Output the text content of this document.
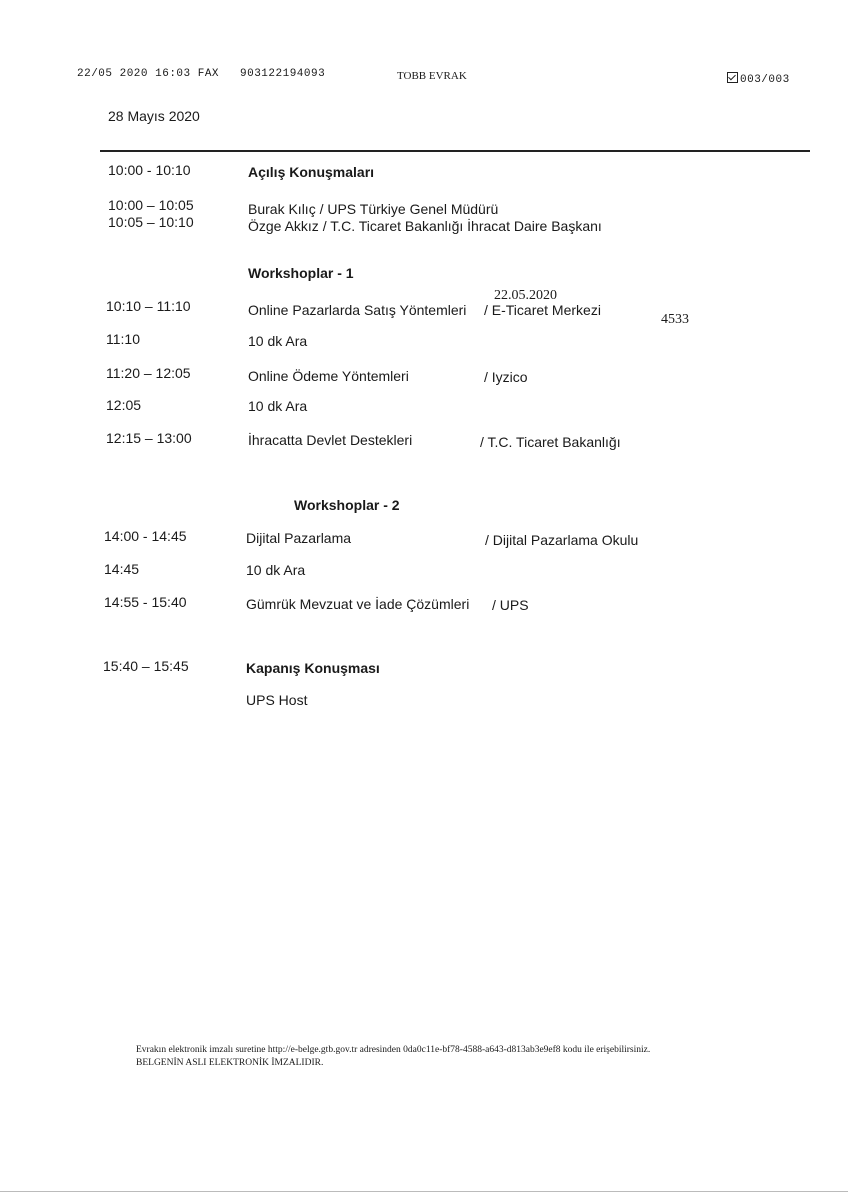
22/05 2020 16:03 FAX 903122194093	TOBB EVRAK	003/003
28 Mayıs 2020
10:00 - 10:10	Açılış Konuşmaları
10:00 – 10:05	Burak Kılıç / UPS Türkiye Genel Müdürü
10:05 – 10:10	Özge Akkız / T.C. Ticaret Bakanlığı İhracat Daire Başkanı
Workshoplar - 1
10:10 – 11:10	Online Pazarlarda Satış Yöntemleri / E-Ticaret Merkezi
22.05.2020
4533
11:10	10 dk Ara
11:20 – 12:05	Online Ödeme Yöntemleri	/ Iyzico
12:05	10 dk Ara
12:15 – 13:00	İhracatta Devlet Destekleri	/ T.C. Ticaret Bakanlığı
Workshoplar - 2
14:00 - 14:45	Dijital Pazarlama	/ Dijital Pazarlama Okulu
14:45	10 dk Ara
14:55 - 15:40	Gümrük Mevzuat ve İade Çözümleri / UPS
15:40 – 15:45	Kapanış Konuşması
UPS Host
Evrakın elektronik imzalı suretine http://e-belge.gtb.gov.tr adresinden 0da0c11e-bf78-4588-a643-d813ab3e9ef8 kodu ile erişebilirsiniz.
BELGENİN ASLI ELEKTRONİK İMZALIDIR.
